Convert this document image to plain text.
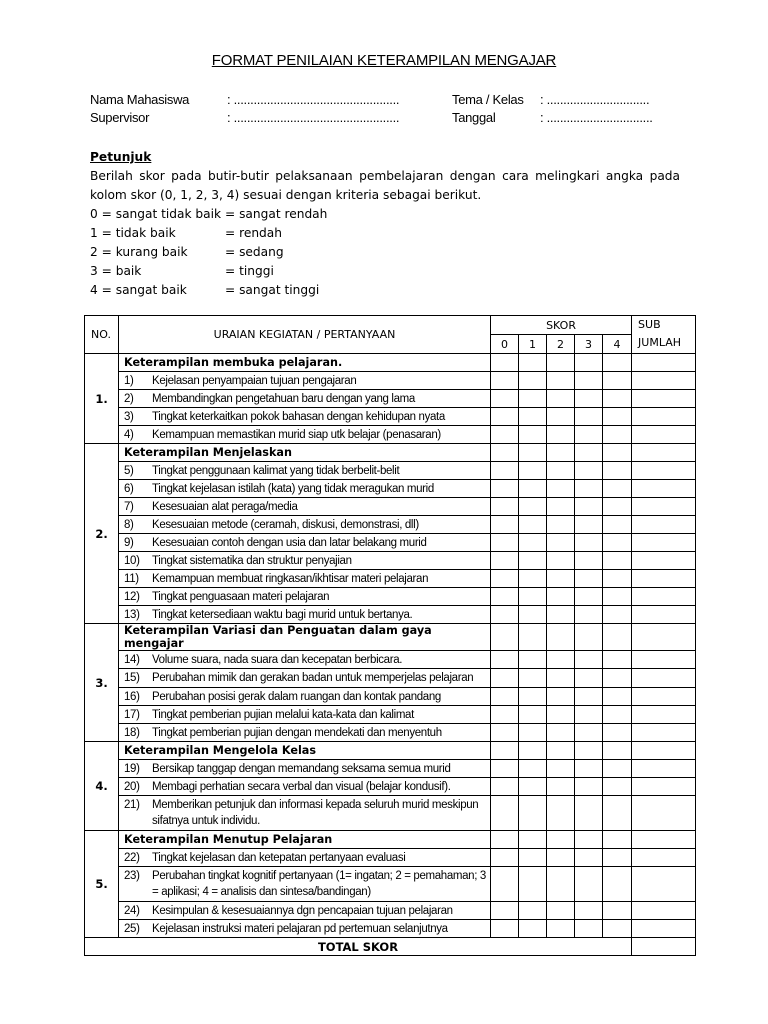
FORMAT PENILAIAN KETERAMPILAN MENGAJAR
Nama Mahasiswa	: ..................................................
Supervisor	: ..................................................
Tema / Kelas : ...............................
Tanggal	: ................................
Petunjuk
Berilah skor pada butir-butir pelaksanaan pembelajaran dengan cara melingkari angka pada kolom skor (0, 1, 2, 3, 4) sesuai dengan kriteria sebagai berikut.
0 = sangat tidak baik = sangat rendah
1 = tidak baik	= rendah
2 = kurang baik	= sedang
3 = baik	= tinggi
4 = sangat baik	= sangat tinggi
NO.	URAIAN KEGIATAN / PERTANYAAN	SKOR					SUB JUMLAH
		0	1	2	3	4	
1.	Keterampilan membuka pelajaran.						

	1) Kejelasan penyampaian tujuan pengajaran						

	2) Membandingkan pengetahuan baru dengan yang lama						

	3) Tingkat keterkaitkan pokok bahasan dengan kehidupan nyata						

	4) Kemampuan memastikan murid siap utk belajar (penasaran)						

2.	Keterampilan Menjelaskan						

	5) Tingkat penggunaan kalimat yang tidak berbelit-belit						

	6) Tingkat kejelasan istilah (kata) yang tidak meragukan murid						

	7) Kesesuaian alat peraga/media						

	8) Kesesuaian metode (ceramah, diskusi, demonstrasi, dll)						

	9) Kesesuaian contoh dengan usia dan latar belakang murid						

	10) Tingkat sistematika dan struktur penyajian						

	11) Kemampuan membuat ringkasan/ikhtisar materi pelajaran						

	12) Tingkat penguasaan materi pelajaran						

	13) Tingkat ketersediaan waktu bagi murid untuk bertanya.						

3.	Keterampilan Variasi dan Penguatan dalam gaya mengajar						

	14) Volume suara, nada suara dan kecepatan berbicara.						

	15) Perubahan mimik dan gerakan badan untuk memperjelas pelajaran						

	16) Perubahan posisi gerak dalam ruangan dan kontak pandang						

	17) Tingkat pemberian pujian melalui kata-kata dan kalimat						

	18) Tingkat pemberian pujian dengan mendekati dan menyentuh						

4.	Keterampilan Mengelola Kelas						

	19) Bersikap tanggap dengan memandang seksama semua murid						

	20) Membagi perhatian secara verbal dan visual (belajar kondusif).						

	21) Memberikan petunjuk dan informasi kepada seluruh murid meskipun sifatnya untuk individu.						

5.	Keterampilan Menutup Pelajaran						

	22) Tingkat kejelasan dan ketepatan pertanyaan evaluasi						

	23) Perubahan tingkat kognitif pertanyaan (1= ingatan; 2 = pemahaman; 3 = aplikasi; 4 = analisis dan sintesa/bandingan)						

	24) Kesimpulan & kesesuaiannya dgn pencapaian tujuan pelajaran						

	25) Kejelasan instruksi materi pelajaran pd pertemuan selanjutnya						

TOTAL SKOR							
